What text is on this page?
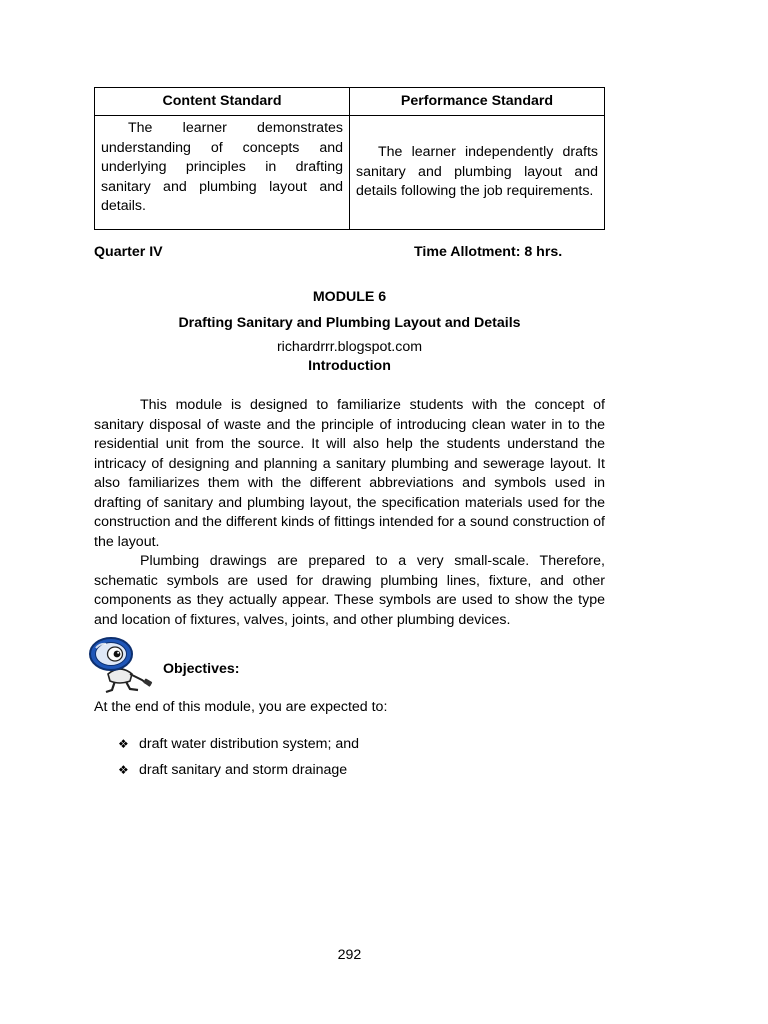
Content Standard	Performance Standard

The learner demonstrates understanding of concepts and underlying principles in drafting sanitary and plumbing layout and details.	The learner independently drafts sanitary and plumbing layout and details following the job requirements.
Quarter IV	Time Allotment: 8 hrs.
MODULE 6
Drafting Sanitary and Plumbing Layout and Details
richardrrr.blogspot.com
Introduction

This module is designed to familiarize students with the concept of sanitary disposal of waste and the principle of introducing clean water in to the residential unit from the source. It will also help the students understand the intricacy of designing and planning a sanitary plumbing and sewerage layout. It also familiarizes them with the different abbreviations and symbols used in drafting of sanitary and plumbing layout, the specification materials used for the construction and the different kinds of fittings intended for a sound construction of the layout.

Plumbing drawings are prepared to a very small-scale. Therefore, schematic symbols are used for drawing plumbing lines, fixture, and other components as they actually appear. These symbols are used to show the type and location of fixtures, valves, joints, and other plumbing devices.

Objectives:
At the end of this module, you are expected to:
❖ draft water distribution system; and
❖ draft sanitary and storm drainage
292
